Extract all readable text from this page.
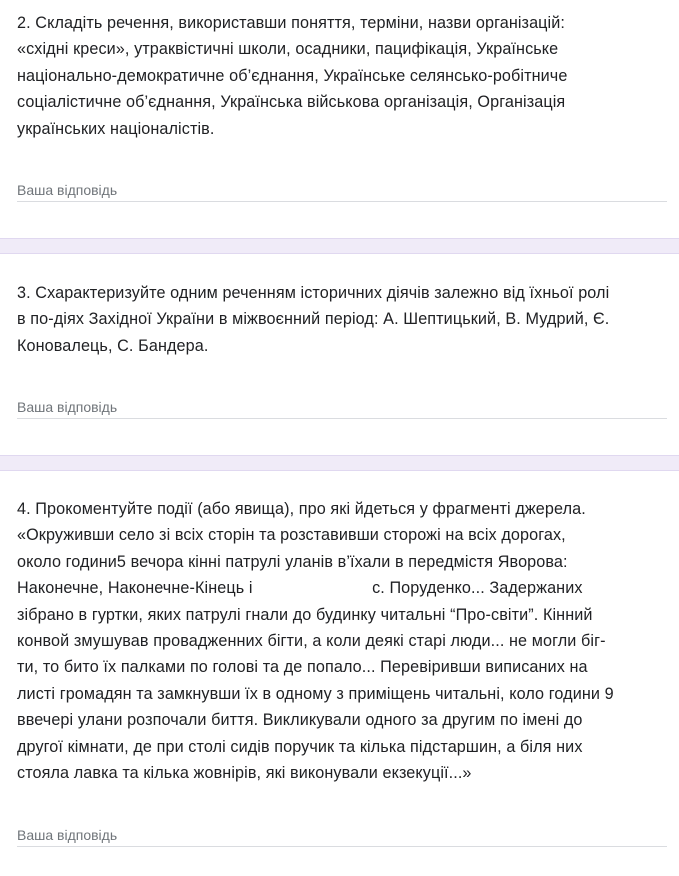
2. Складіть речення, використавши поняття, терміни, назви організацій:
«східні креси», утраквістичні школи, осадники, пацифікація, Українське
національно-демократичне об’єднання, Українське селянсько-робітниче
соціалістичне об’єднання, Українська військова організація, Організація
українських націоналістів.

Ваша відповідь

3. Схарактеризуйте одним реченням історичних діячів залежно від їхньої ролі
в по-діях Західної України в міжвоєнний період: А. Шептицький, В. Мудрий, Є.
Коновалець, С. Бандера.

Ваша відповідь

4. Прокоментуйте події (або явища), про які йдеться у фрагменті джерела.
«Окруживши село зі всіх сторін та розставивши сторожі на всіх дорогах,
около години5 вечора кінні патрулі уланів в’їхали в передмістя Яворова:
Наконечне, Наконечне-Кінець і                          с. Поруденко... Задержаних
зібрано в гуртки, яких патрулі гнали до будинку читальні “Про-світи”. Кінний
конвой змушував провадженних бігти, а коли деякі старі люди... не могли біг-
ти, то бито їх палками по голові та де попало... Перевіривши виписаних на
листі громадян та замкнувши їх в одному з приміщень читальні, коло години 9
ввечері улани розпочали биття. Викликували одного за другим по імені до
другої кімнати, де при столі сидів поручик та кілька підстаршин, а біля них
стояла лавка та кілька жовнірів, які виконували екзекуції...»

Ваша відповідь
